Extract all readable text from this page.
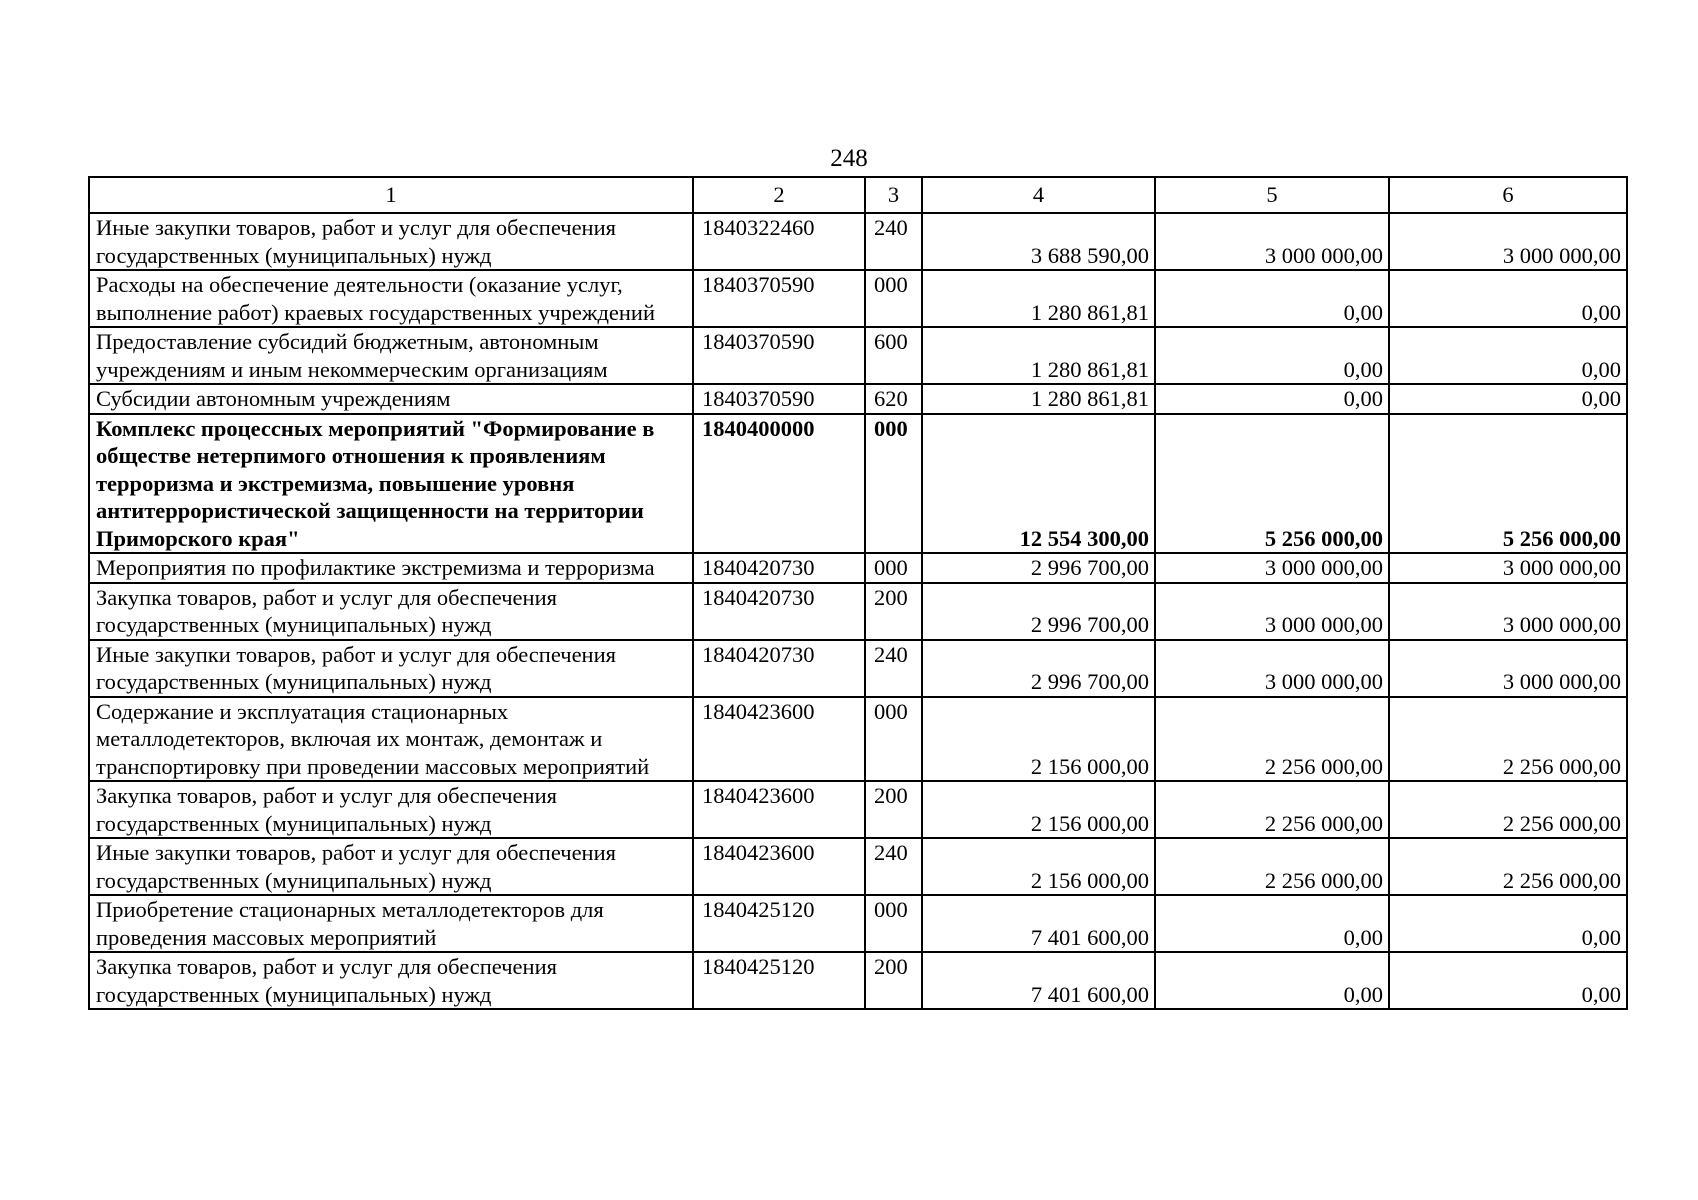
248
1	2	3	4	5	6
Иные закупки товаров, работ и услуг для обеспечения государственных (муниципальных) нужд	1840322460	240	3 688 590,00	3 000 000,00	3 000 000,00
Расходы на обеспечение деятельности (оказание услуг, выполнение работ) краевых государственных учреждений	1840370590	000	1 280 861,81	0,00	0,00
Предоставление субсидий бюджетным, автономным учреждениям и иным некоммерческим организациям	1840370590	600	1 280 861,81	0,00	0,00
Субсидии автономным учреждениям	1840370590	620	1 280 861,81	0,00	0,00
Комплекс процессных мероприятий "Формирование в обществе нетерпимого отношения к проявлениям терроризма и экстремизма, повышение уровня антитеррористической защищенности на территории Приморского края"	1840400000	000	12 554 300,00	5 256 000,00	5 256 000,00
Мероприятия по профилактике экстремизма и терроризма	1840420730	000	2 996 700,00	3 000 000,00	3 000 000,00
Закупка товаров, работ и услуг для обеспечения государственных (муниципальных) нужд	1840420730	200	2 996 700,00	3 000 000,00	3 000 000,00
Иные закупки товаров, работ и услуг для обеспечения государственных (муниципальных) нужд	1840420730	240	2 996 700,00	3 000 000,00	3 000 000,00
Содержание и эксплуатация стационарных металлодетекторов, включая их монтаж, демонтаж и транспортировку при проведении массовых мероприятий	1840423600	000	2 156 000,00	2 256 000,00	2 256 000,00
Закупка товаров, работ и услуг для обеспечения государственных (муниципальных) нужд	1840423600	200	2 156 000,00	2 256 000,00	2 256 000,00
Иные закупки товаров, работ и услуг для обеспечения государственных (муниципальных) нужд	1840423600	240	2 156 000,00	2 256 000,00	2 256 000,00
Приобретение стационарных металлодетекторов для проведения массовых мероприятий	1840425120	000	7 401 600,00	0,00	0,00
Закупка товаров, работ и услуг для обеспечения государственных (муниципальных) нужд	1840425120	200	7 401 600,00	0,00	0,00
